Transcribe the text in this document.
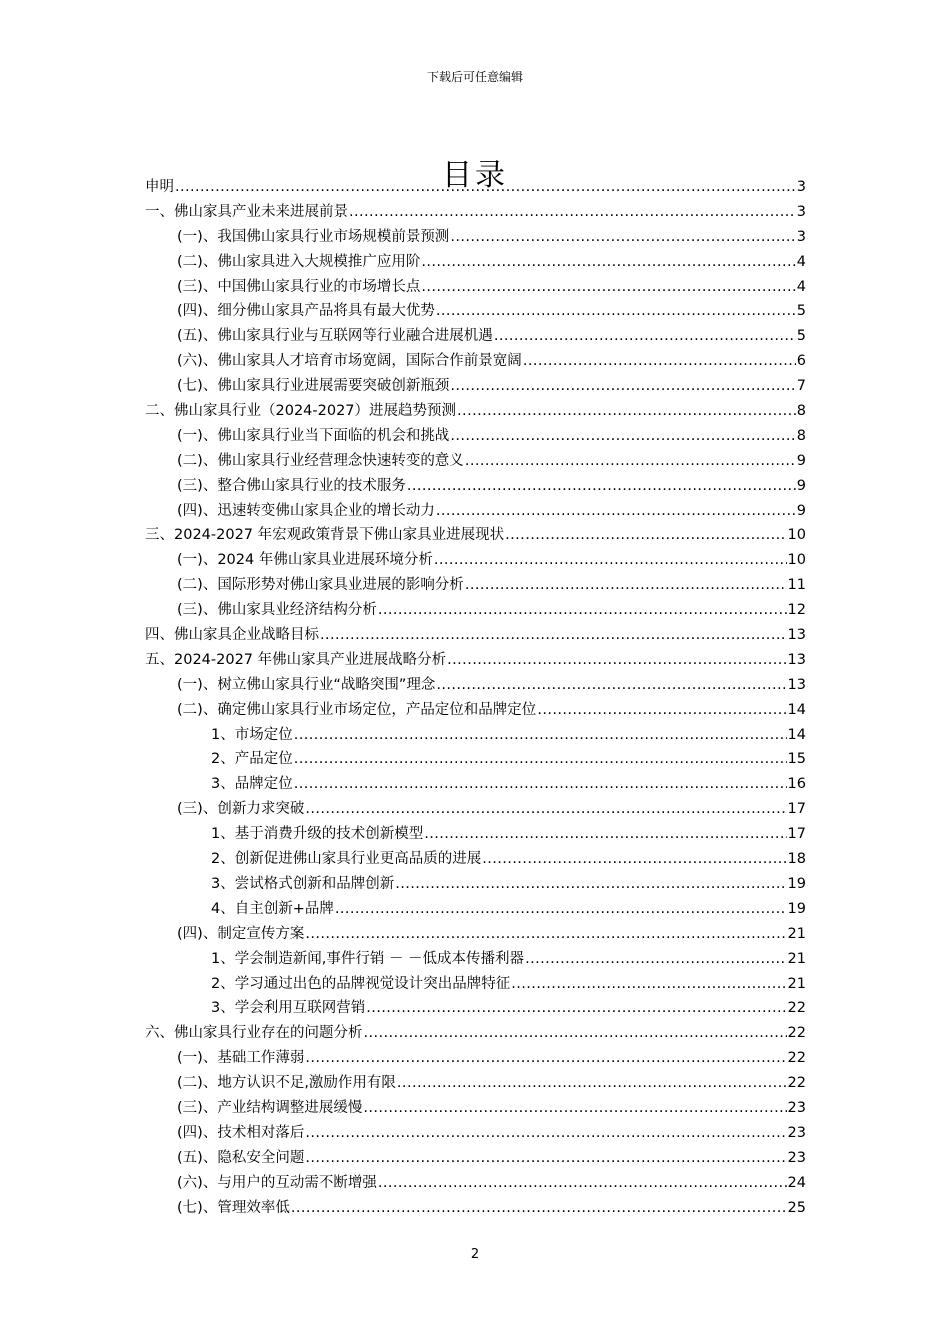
下载后可任意编辑
目录
申明 .....	3
一、佛山家具产业未来进展前景 .....	3
(一)、我国佛山家具行业市场规模前景预测 .....	3
(二)、佛山家具进入大规模推广应用阶 .....	4
(三)、中国佛山家具行业的市场增长点 .....	4
(四)、细分佛山家具产品将具有最大优势 .....	5
(五)、佛山家具行业与互联网等行业融合进展机遇 .....	5
(六)、佛山家具人才培育市场宽阔，国际合作前景宽阔 .....	6
(七)、佛山家具行业进展需要突破创新瓶颈 .....	7
二、佛山家具行业（2024-2027）进展趋势预测 .....	8
(一)、佛山家具行业当下面临的机会和挑战 .....	8
(二)、佛山家具行业经营理念快速转变的意义 .....	9
(三)、整合佛山家具行业的技术服务 .....	9
(四)、迅速转变佛山家具企业的增长动力 .....	9
三、2024-2027 年宏观政策背景下佛山家具业进展现状 .....	10
(一)、2024 年佛山家具业进展环境分析 .....	10
(二)、国际形势对佛山家具业进展的影响分析 .....	11
(三)、佛山家具业经济结构分析 .....	12
四、佛山家具企业战略目标 .....	13
五、2024-2027 年佛山家具产业进展战略分析 .....	13
(一)、树立佛山家具行业“战略突围”理念 .....	13
(二)、确定佛山家具行业市场定位，产品定位和品牌定位 .....	14
1、市场定位 .....	14
2、产品定位 .....	15
3、品牌定位 .....	16
(三)、创新力求突破 .....	17
1、基于消费升级的技术创新模型 .....	17
2、创新促进佛山家具行业更高品质的进展 .....	18
3、尝试格式创新和品牌创新 .....	19
4、自主创新+品牌 .....	19
(四)、制定宣传方案 .....	21
1、学会制造新闻,事件行销 － －低成本传播利器 .....	21
2、学习通过出色的品牌视觉设计突出品牌特征 .....	21
3、学会利用互联网营销 .....	22
六、佛山家具行业存在的问题分析 .....	22
(一)、基础工作薄弱 .....	22
(二)、地方认识不足,激励作用有限 .....	22
(三)、产业结构调整进展缓慢 .....	23
(四)、技术相对落后 .....	23
(五)、隐私安全问题 .....	23
(六)、与用户的互动需不断增强 .....	24
(七)、管理效率低 .....	25
2
